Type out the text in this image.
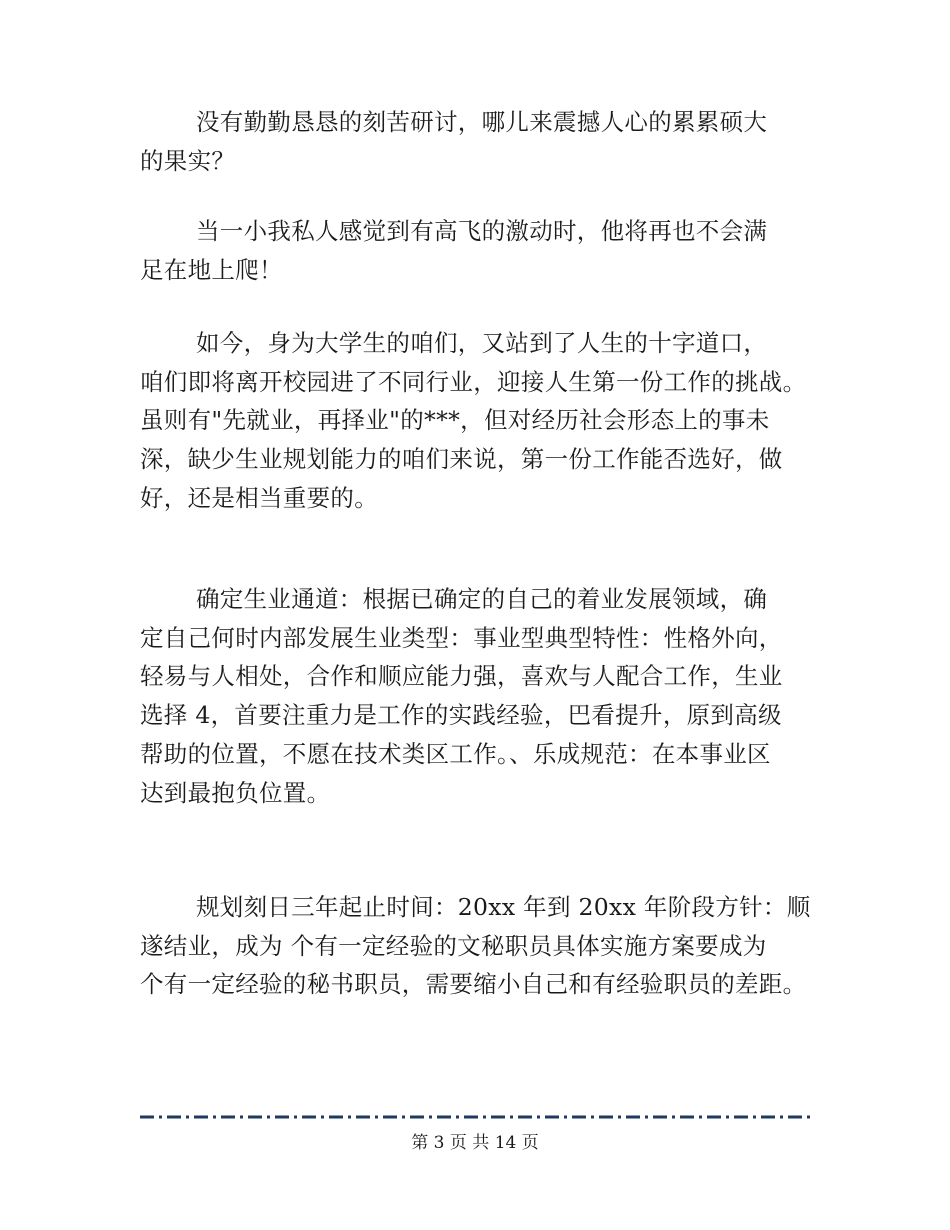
没有勤勤恳恳的刻苦研讨，哪儿来震撼人心的累累硕大
的果实？

当一小我私人感觉到有高飞的激动时，他将再也不会满
足在地上爬！

如今，身为大学生的咱们，又站到了人生的十字道口，
咱们即将离开校园进了不同行业，迎接人生第一份工作的挑战。
虽则有"先就业，再择业"的***，但对经历社会形态上的事未
深，缺少生业规划能力的咱们来说，第一份工作能否选好，做
好，还是相当重要的。

确定生业通道：根据已确定的自己的着业发展领域，确
定自己何时内部发展生业类型：事业型典型特性：性格外向，
轻易与人相处，合作和顺应能力强，喜欢与人配合工作，生业
选择 4，首要注重力是工作的实践经验，巴看提升，原到高级
帮助的位置，不愿在技术类区工作。、乐成规范：在本事业区
达到最抱负位置。

规划刻日三年起止时间：20xx 年到 20xx 年阶段方针：顺
遂结业，成为 个有一定经验的文秘职员具体实施方案要成为
个有一定经验的秘书职员，需要缩小自己和有经验职员的差距。

第 3 页 共 14 页
